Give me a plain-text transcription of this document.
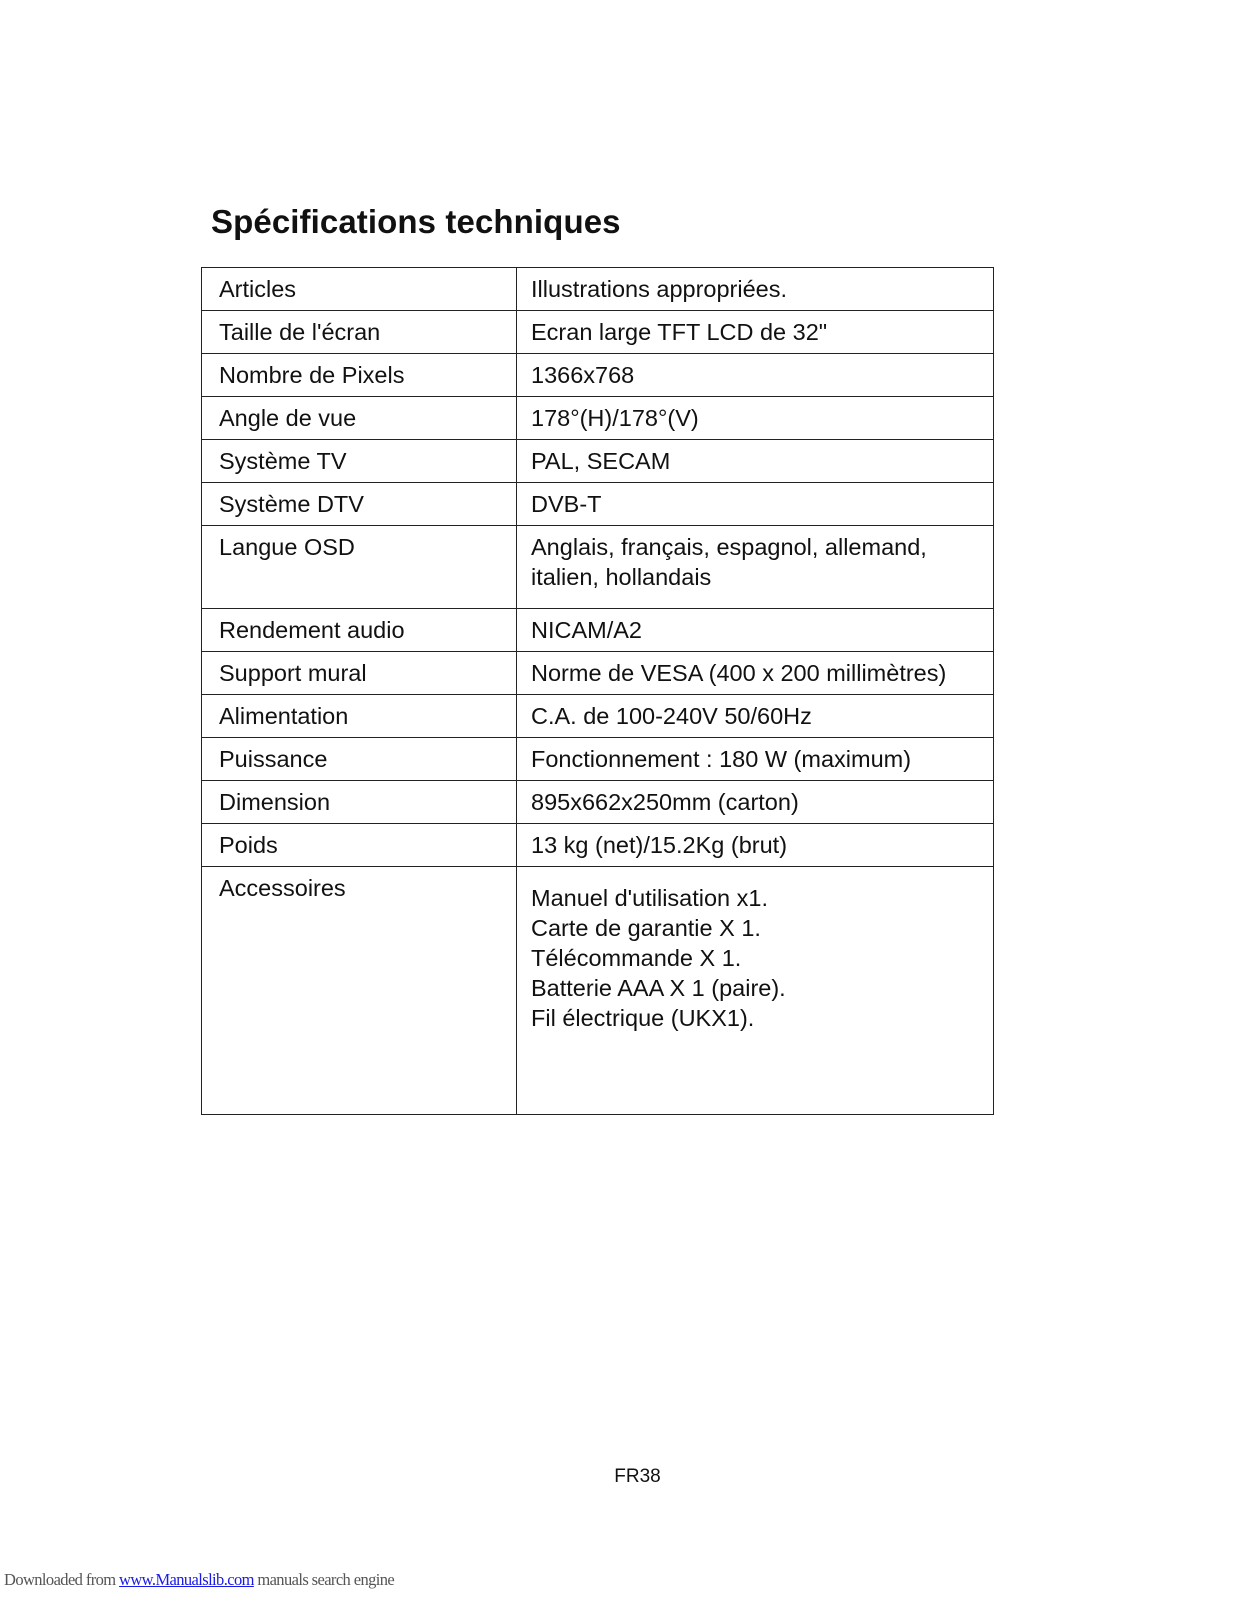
Spécifications techniques
Articles	Illustrations appropriées.

Taille de l'écran	Ecran large TFT LCD de 32"

Nombre de Pixels	1366x768

Angle de vue	178°(H)/178°(V)

Système TV	PAL, SECAM

Système DTV	DVB-T

Langue OSD	Anglais, français, espagnol, allemand,
italien, hollandais

Rendement audio	NICAM/A2

Support mural	Norme de VESA (400 x 200 millimètres)

Alimentation	C.A. de 100-240V 50/60Hz

Puissance	Fonctionnement : 180 W (maximum)

Dimension	895x662x250mm (carton)

Poids	13 kg (net)/15.2Kg (brut)

Accessoires	Manuel d'utilisation x1.
Carte de garantie X 1.
Télécommande X 1.
Batterie AAA X 1 (paire).
Fil électrique (UKX1).
FR38
Downloaded from www.Manualslib.com manuals search engine
